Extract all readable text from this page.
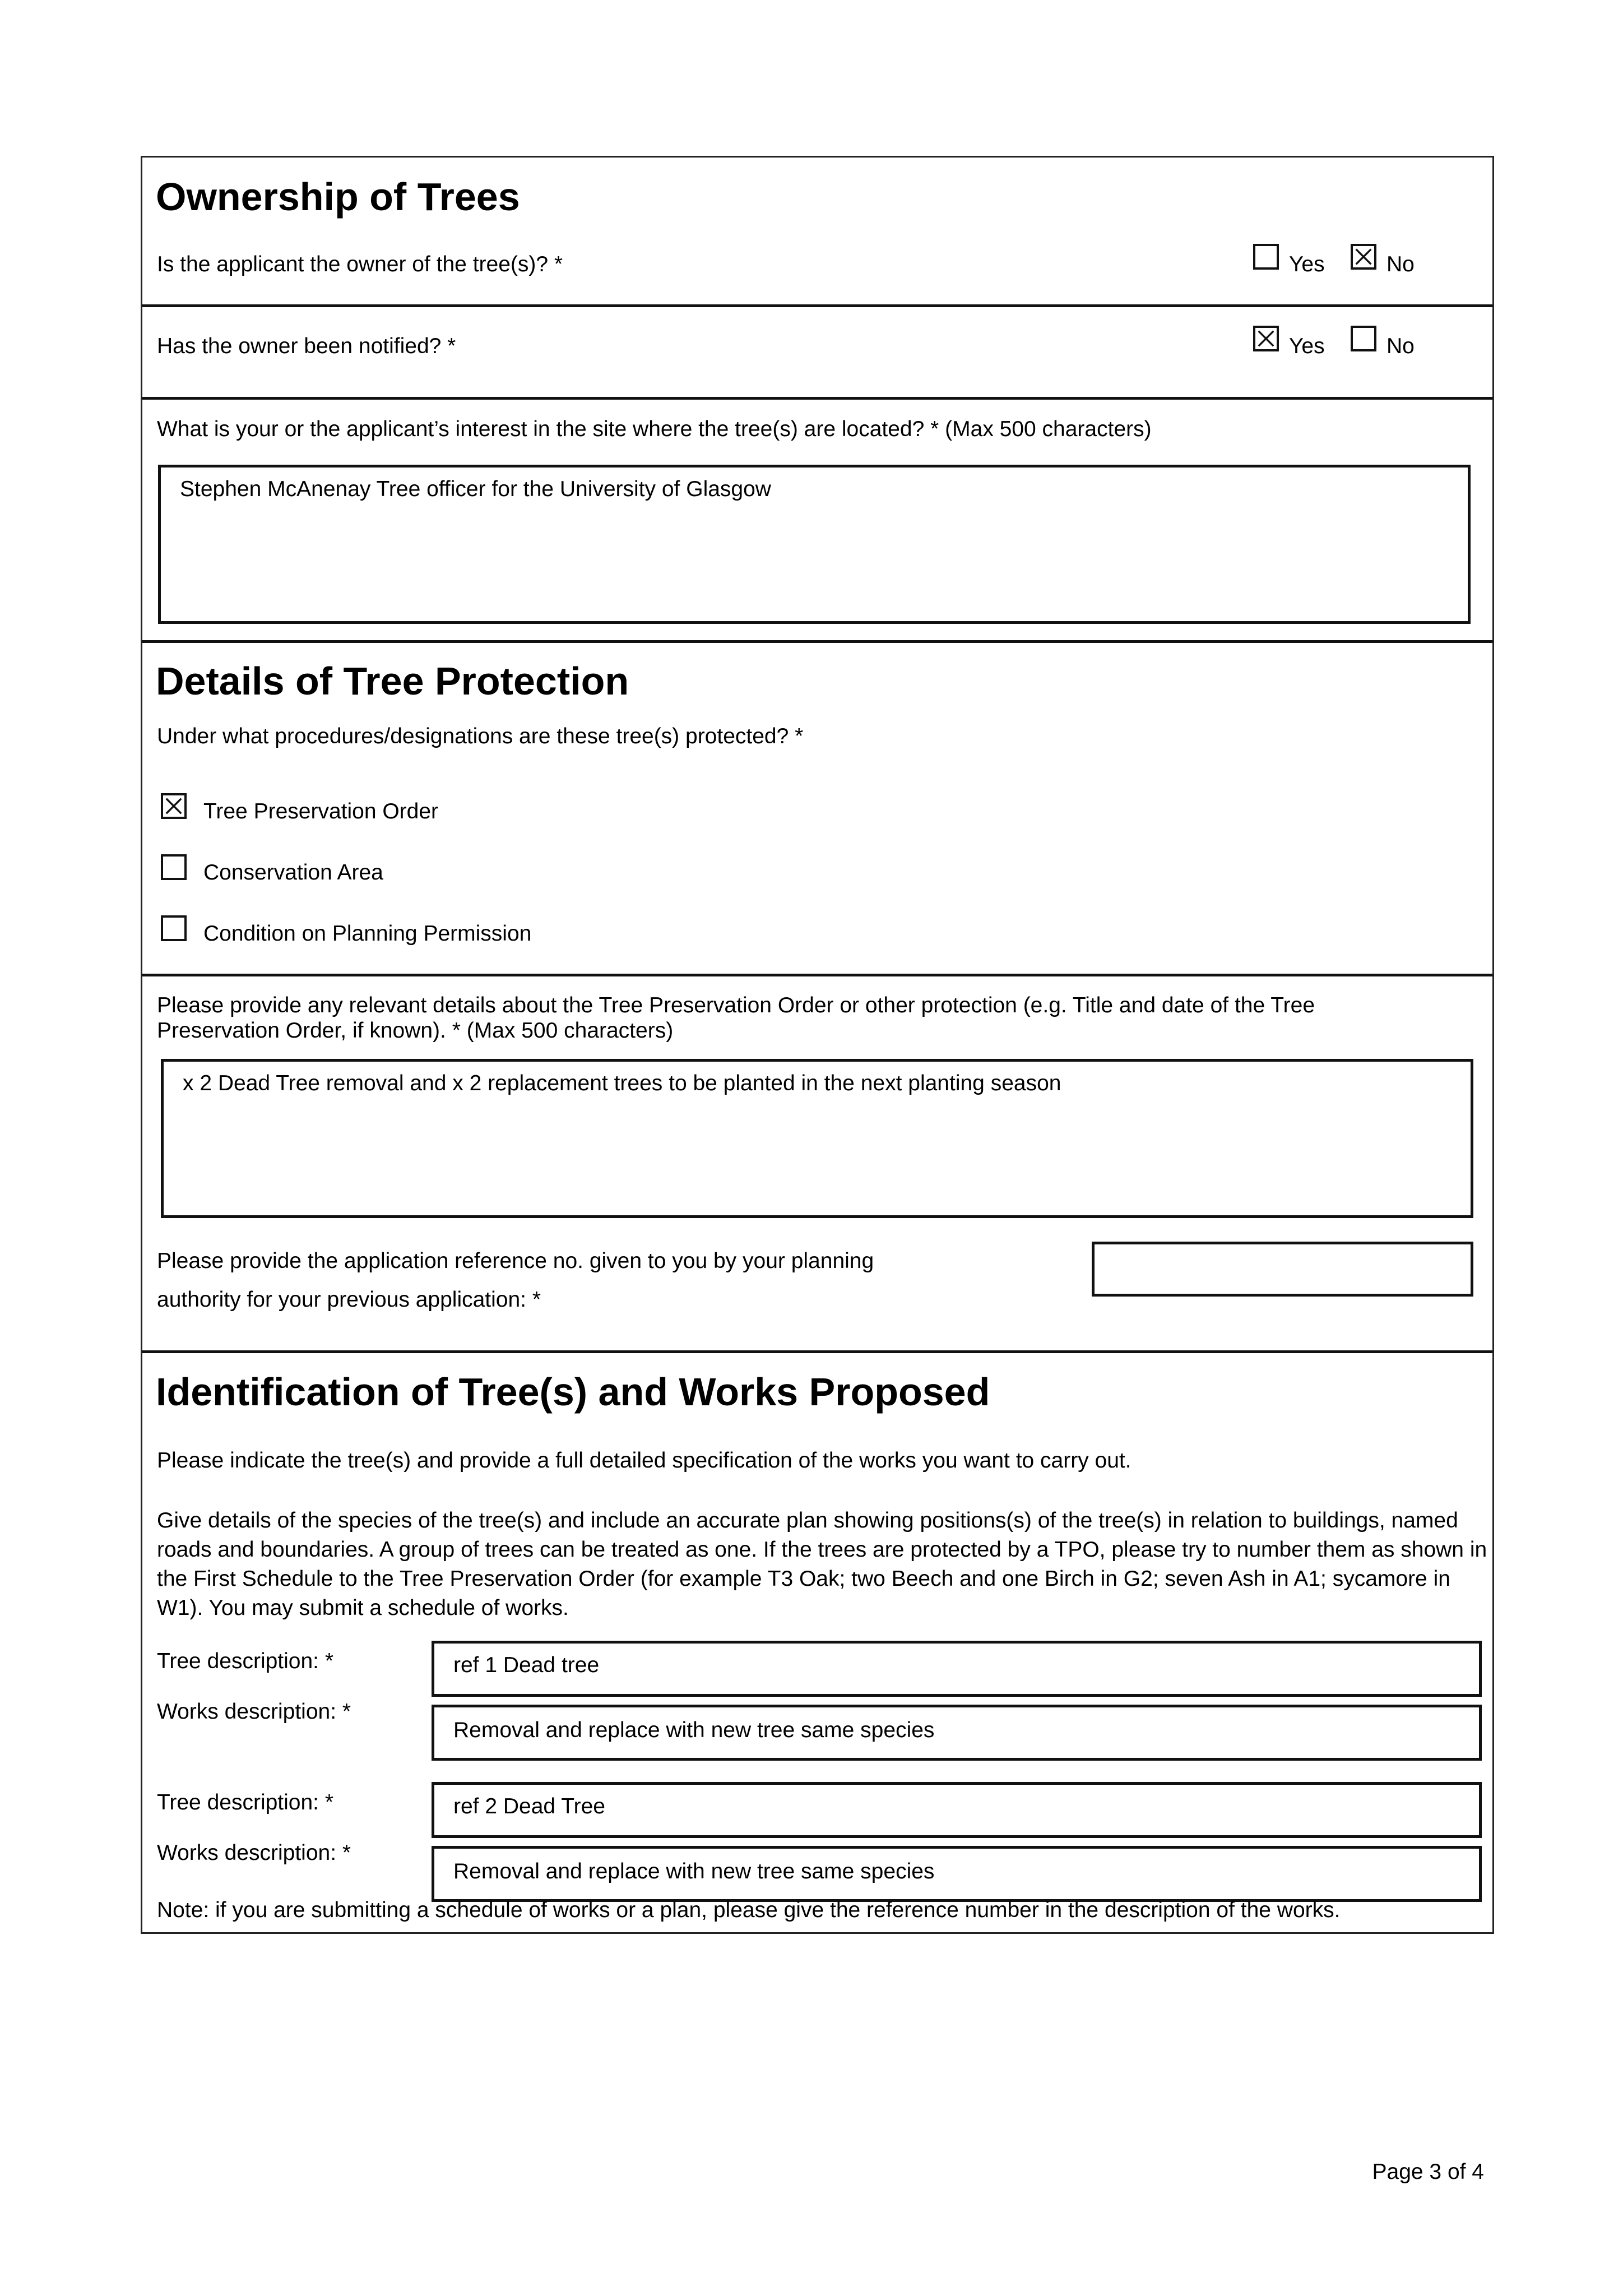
Ownership of Trees
Is the applicant the owner of the tree(s)? *	Yes	No
Has the owner been notified? *	Yes	No
What is your or the applicant’s interest in the site where the tree(s) are located? * (Max 500 characters)
Stephen McAnenay Tree officer for the University of Glasgow
Details of Tree Protection
Under what procedures/designations are these tree(s) protected? *
Tree Preservation Order
Conservation Area
Condition on Planning Permission
Please provide any relevant details about the Tree Preservation Order or other protection (e.g. Title and date of the Tree Preservation Order, if known). * (Max 500 characters)
x 2 Dead Tree removal and x 2 replacement trees to be planted in the next planting season
Please provide the application reference no. given to you by your planning
authority for your previous application: *
Identification of Tree(s) and Works Proposed
Please indicate the tree(s) and provide a full detailed specification of the works you want to carry out.
Give details of the species of the tree(s) and include an accurate plan showing positions(s) of the tree(s) in relation to buildings, named roads and boundaries. A group of trees can be treated as one. If the trees are protected by a TPO, please try to number them as shown in the First Schedule to the Tree Preservation Order (for example T3 Oak; two Beech and one Birch in G2; seven Ash in A1; sycamore in W1). You may submit a schedule of works.
Tree description: *	ref 1 Dead tree
Works description: *
Removal and replace with new tree same species
Tree description: *	ref 2 Dead Tree
Works description: *
Removal and replace with new tree same species
Note: if you are submitting a schedule of works or a plan, please give the reference number in the description of the works.
Page 3 of 4
